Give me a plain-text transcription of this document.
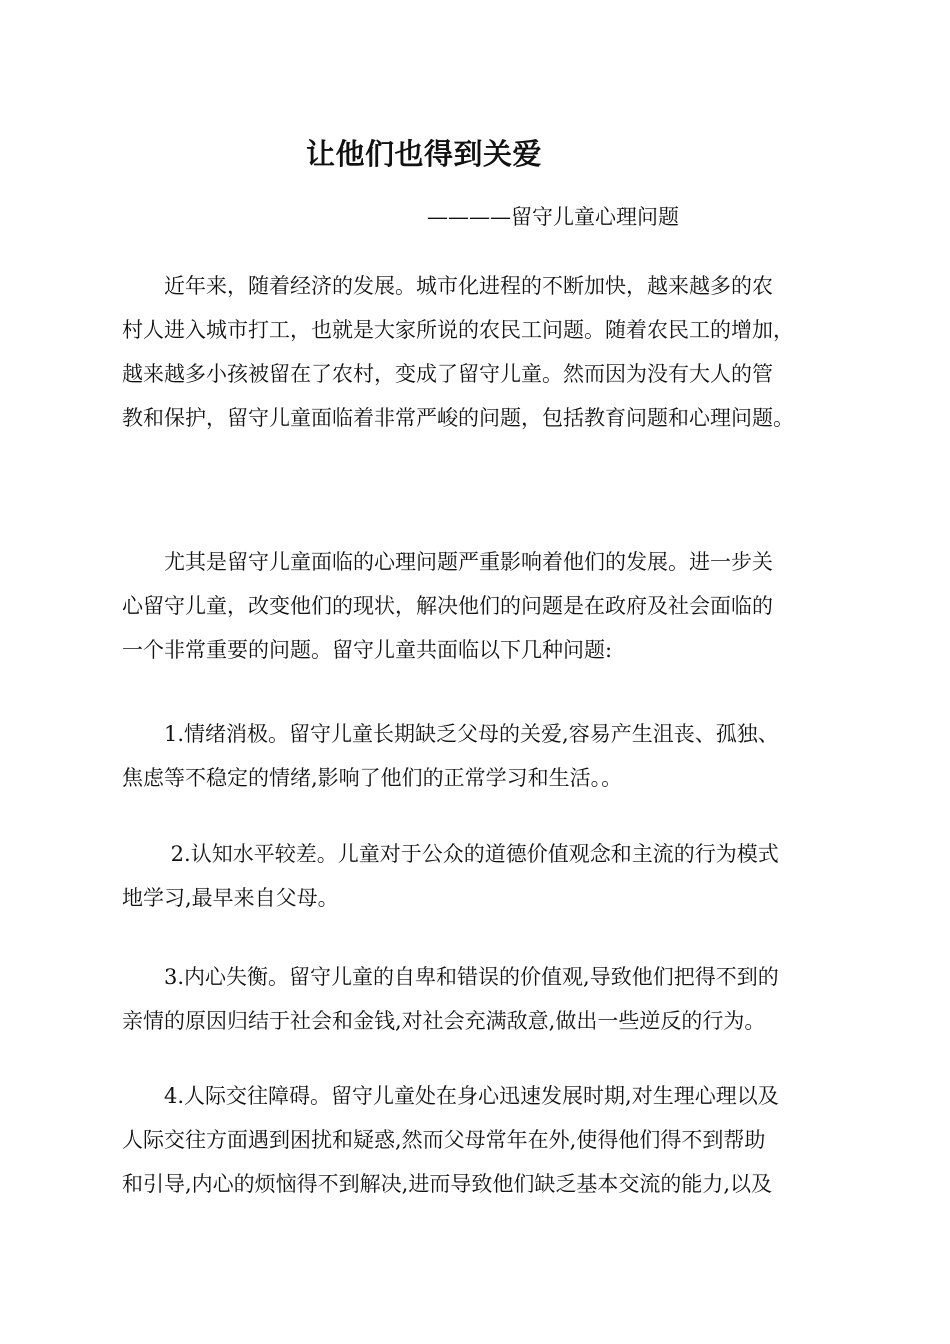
让他们也得到关爱
————留守儿童心理问题
　　近年来，随着经济的发展。城市化进程的不断加快，越来越多的农
村人进入城市打工，也就是大家所说的农民工问题。随着农民工的增加，
越来越多小孩被留在了农村，变成了留守儿童。然而因为没有大人的管
教和保护，留守儿童面临着非常严峻的问题，包括教育问题和心理问题。
　　尤其是留守儿童面临的心理问题严重影响着他们的发展。进一步关
心留守儿童，改变他们的现状，解决他们的问题是在政府及社会面临的
一个非常重要的问题。留守儿童共面临以下几种问题:
　　1.情绪消极。留守儿童长期缺乏父母的关爱,容易产生沮丧、孤独、
焦虑等不稳定的情绪,影响了他们的正常学习和生活。。
　　 2.认知水平较差。儿童对于公众的道德价值观念和主流的行为模式
地学习,最早来自父母。
　　3.内心失衡。留守儿童的自卑和错误的价值观,导致他们把得不到的
亲情的原因归结于社会和金钱,对社会充满敌意,做出一些逆反的行为。
　　4.人际交往障碍。留守儿童处在身心迅速发展时期,对生理心理以及
人际交往方面遇到困扰和疑惑,然而父母常年在外,使得他们得不到帮助
和引导,内心的烦恼得不到解决,进而导致他们缺乏基本交流的能力,以及
